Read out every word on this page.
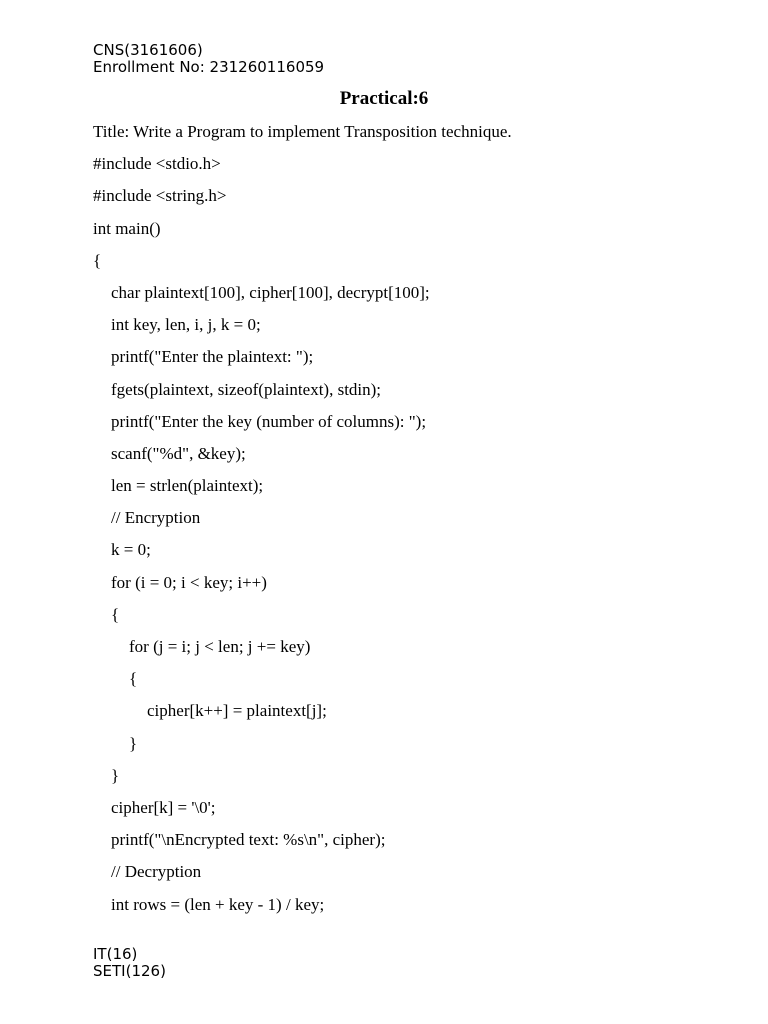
CNS(3161606)
Enrollment No: 231260116059
Practical:6
Title: Write a Program to implement Transposition technique.
#include <stdio.h>
#include <string.h>
int main()
{
char plaintext[100], cipher[100], decrypt[100];
int key, len, i, j, k = 0;
printf("Enter the plaintext: ");
fgets(plaintext, sizeof(plaintext), stdin);
printf("Enter the key (number of columns): ");
scanf("%d", &key);
len = strlen(plaintext);
// Encryption
k = 0;
for (i = 0; i < key; i++)
{
for (j = i; j < len; j += key)
{
cipher[k++] = plaintext[j];
}
}
cipher[k] = '\0';
printf("\nEncrypted text: %s\n", cipher);
// Decryption
int rows = (len + key - 1) / key;
IT(16)
SETI(126)
